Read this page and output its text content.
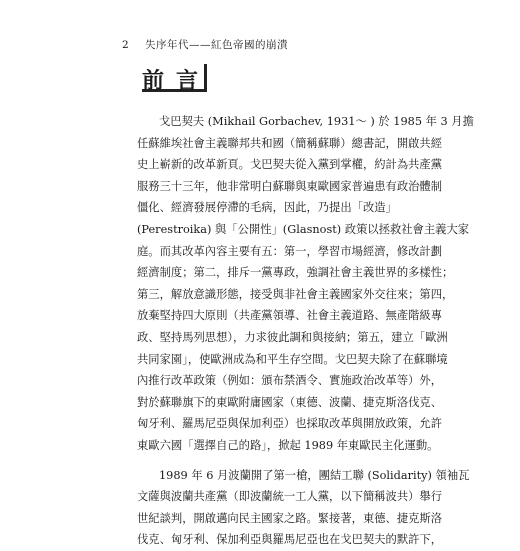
2 失序年代——紅色帝國的崩潰
前言

戈巴契夫 (Mikhail Gorbachev, 1931～ ) 於 1985 年 3 月擔
任蘇維埃社會主義聯邦共和國（簡稱蘇聯）總書記，開啟共經
史上嶄新的改革新頁。戈巴契夫從入黨到掌權，約計為共產黨
服務三十三年，他非常明白蘇聯與東歐國家普遍患有政治體制
僵化、經濟發展停滯的毛病，因此，乃提出「改造」
(Perestroika) 與「公開性」(Glasnost) 政策以拯救社會主義大家
庭。而其改革內容主要有五：第一，學習市場經濟，修改計劃
經濟制度；第二，排斥一黨專政，強調社會主義世界的多樣性；
第三，解放意識形態，接受與非社會主義國家外交往來；第四，
放棄堅持四大原則（共產黨領導、社會主義道路、無產階級專
政、堅持馬列思想），力求彼此調和與接納；第五，建立「歐洲
共同家園」，使歐洲成為和平生存空間。戈巴契夫除了在蘇聯境
內推行改革政策（例如：頒布禁酒令、實施政治改革等）外，
對於蘇聯旗下的東歐附庸國家（東德、波蘭、捷克斯洛伐克、
匈牙利、羅馬尼亞與保加利亞）也採取改革與開放政策，允許
東歐六國「選擇自己的路」，掀起 1989 年東歐民主化運動。

1989 年 6 月波蘭開了第一槍，團結工聯 (Solidarity) 領袖瓦
文薩與波蘭共產黨（即波蘭統一工人黨，以下簡稱波共）舉行
世紀談判，開啟邁向民主國家之路。緊接著，東德、捷克斯洛
伐克、匈牙利、保加利亞與羅馬尼亞也在戈巴契夫的默許下，
